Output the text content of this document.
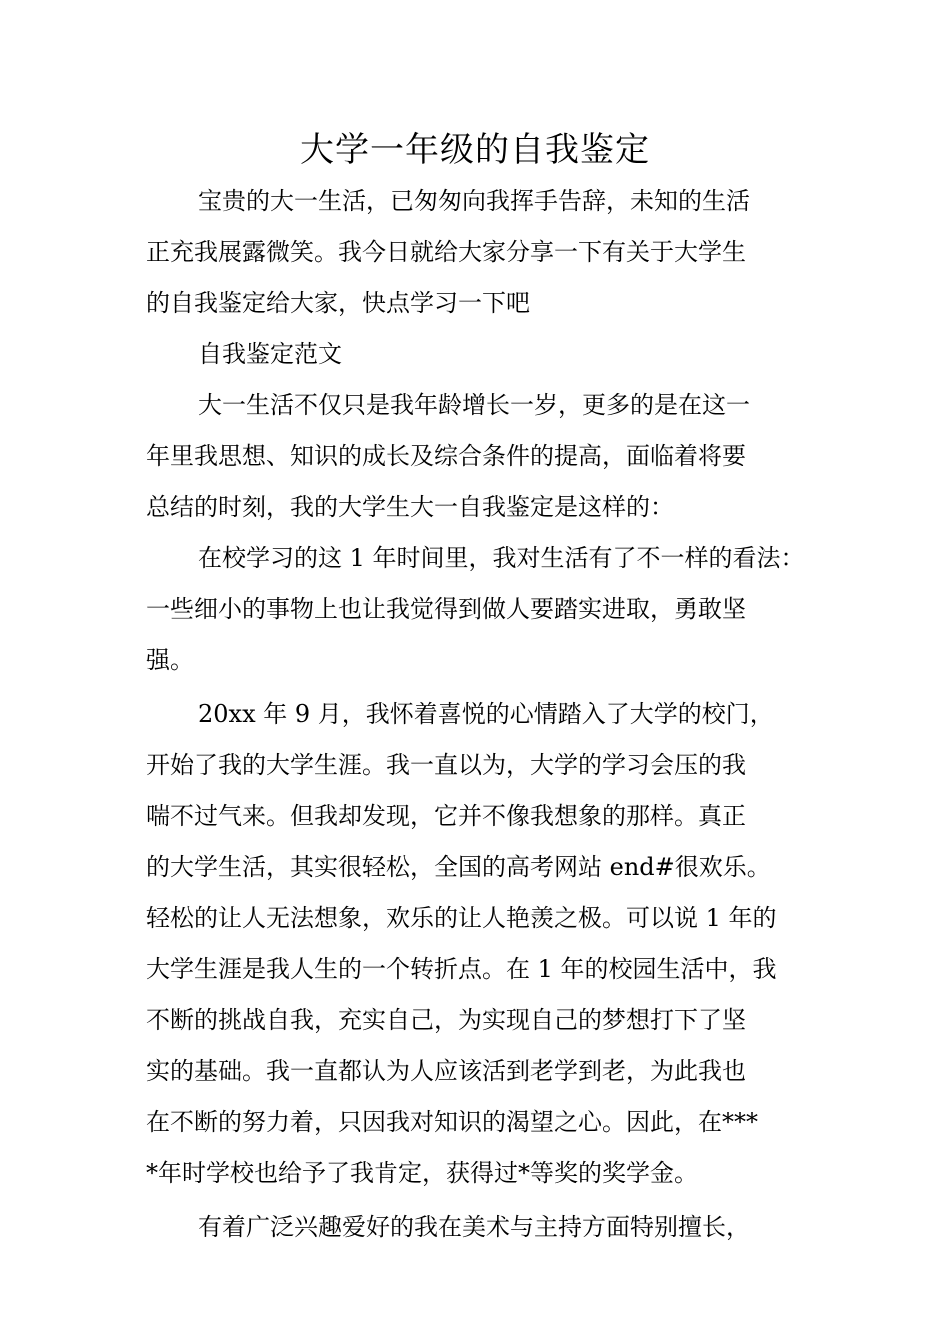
大学一年级的自我鉴定
宝贵的大一生活，已匆匆向我挥手告辞，未知的生活
正充我展露微笑。我今日就给大家分享一下有关于大学生
的自我鉴定给大家，快点学习一下吧
自我鉴定范文
大一生活不仅只是我年龄增长一岁，更多的是在这一
年里我思想、知识的成长及综合条件的提高，面临着将要
总结的时刻，我的大学生大一自我鉴定是这样的：
在校学习的这 1 年时间里，我对生活有了不一样的看法：
一些细小的事物上也让我觉得到做人要踏实进取，勇敢坚
强。
20xx 年 9 月，我怀着喜悦的心情踏入了大学的校门，
开始了我的大学生涯。我一直以为，大学的学习会压的我
喘不过气来。但我却发现，它并不像我想象的那样。真正
的大学生活，其实很轻松，全国的高考网站 end#很欢乐。
轻松的让人无法想象，欢乐的让人艳羡之极。可以说 1 年的
大学生涯是我人生的一个转折点。在 1 年的校园生活中，我
不断的挑战自我，充实自己，为实现自己的梦想打下了坚
实的基础。我一直都认为人应该活到老学到老，为此我也
在不断的努力着，只因我对知识的渴望之心。因此，在***
*年时学校也给予了我肯定，获得过*等奖的奖学金。
有着广泛兴趣爱好的我在美术与主持方面特别擅长，
